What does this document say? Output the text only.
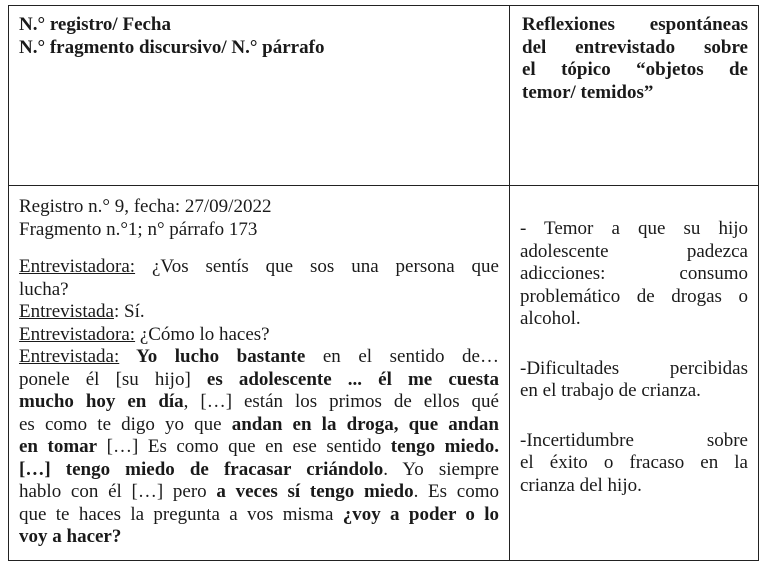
N.° registro/ Fecha
N.° fragmento discursivo/ N.° párrafo
Reflexiones espontáneas
del entrevistado sobre
el tópico “objetos de
temor/ temidos”
Registro n.° 9, fecha: 27/09/2022
Fragmento n.°1; n° párrafo 173
Entrevistadora: ¿Vos sentís que sos una persona que
lucha?
Entrevistada: Sí.
Entrevistadora: ¿Cómo lo haces?
Entrevistada: Yo lucho bastante en el sentido de…
ponele él [su hijo] es adolescente ... él me cuesta
mucho hoy en día, […] están los primos de ellos qué
es como te digo yo que andan en la droga, que andan
en tomar […] Es como que en ese sentido tengo miedo.
[…] tengo miedo de fracasar criándolo. Yo siempre
hablo con él […] pero a veces sí tengo miedo. Es como
que te haces la pregunta a vos misma ¿voy a poder o lo
voy a hacer?
- Temor a que su hijo
adolescente padezca
adicciones: consumo
problemático de drogas o
alcohol.
-Dificultades percibidas
en el trabajo de crianza.
-Incertidumbre sobre
el éxito o fracaso en la
crianza del hijo.
